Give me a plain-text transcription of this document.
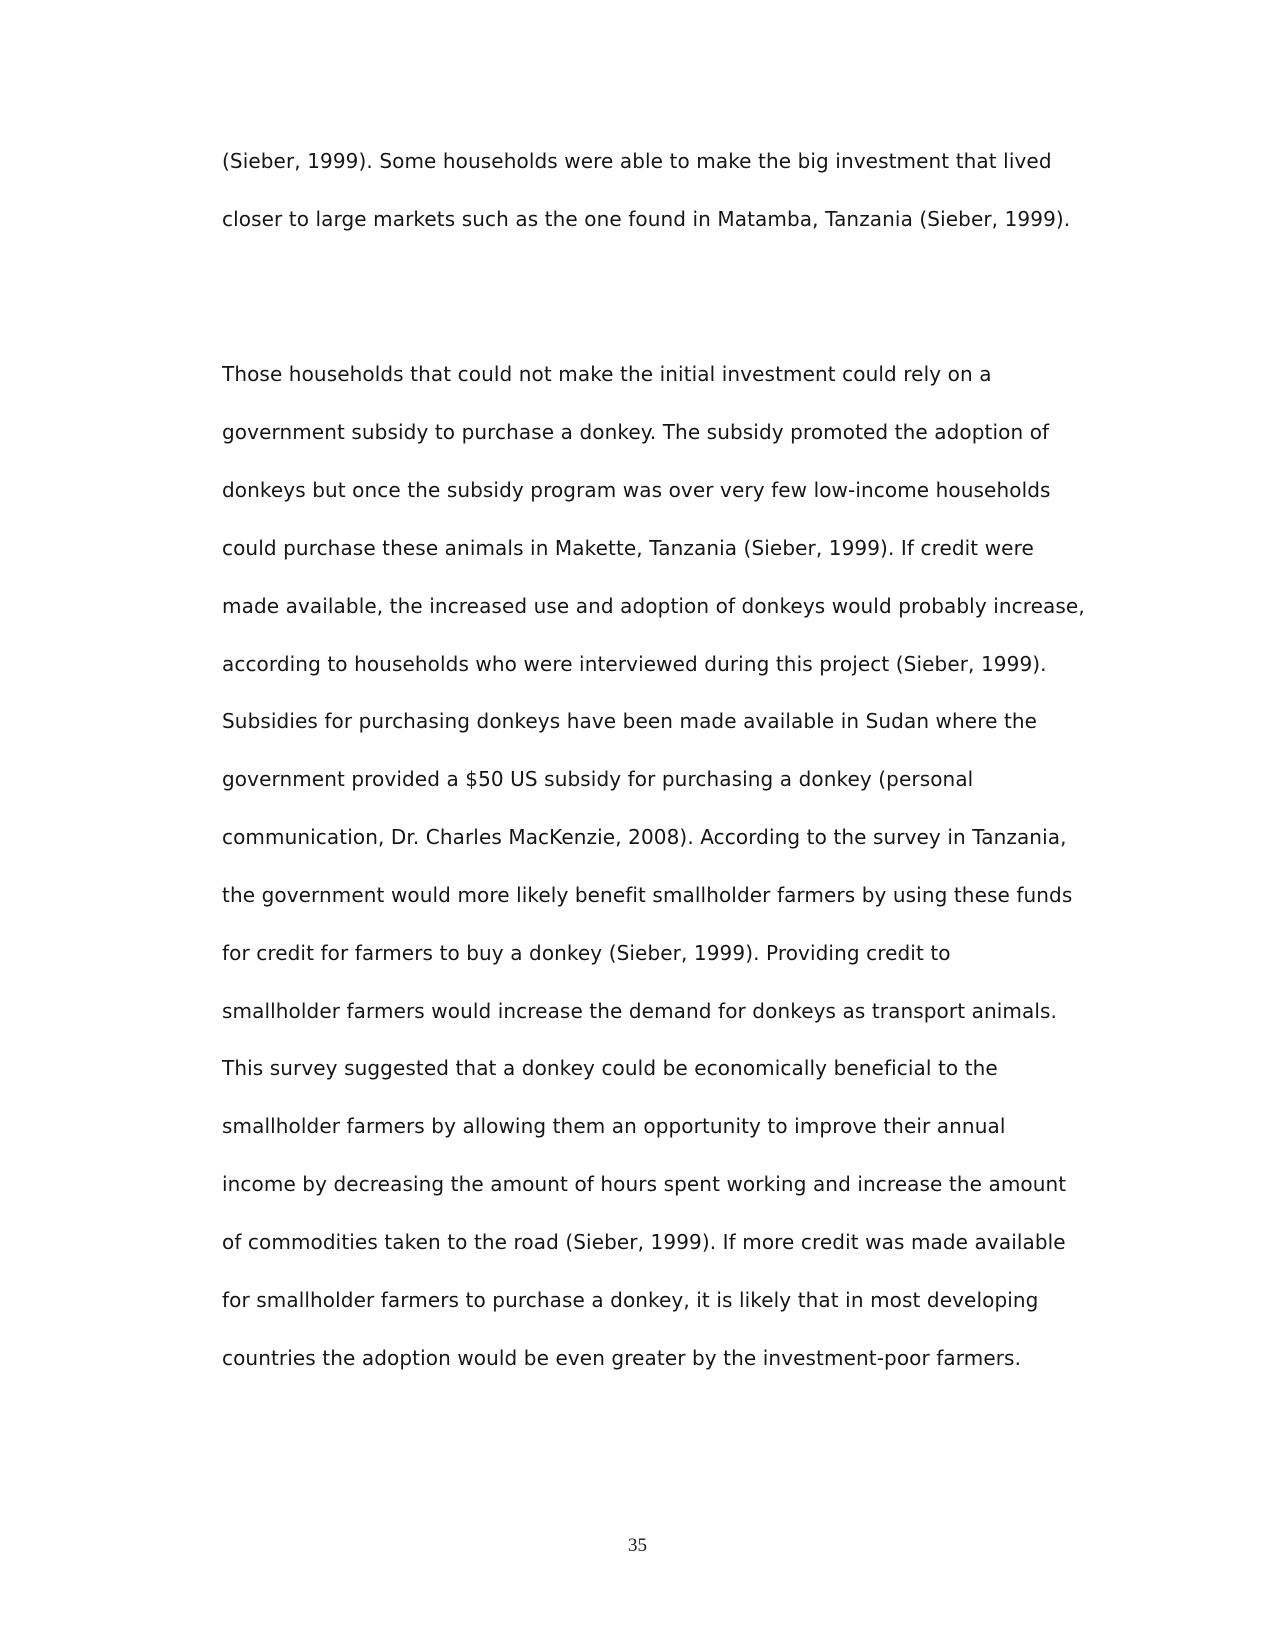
(Sieber, 1999). Some households were able to make the big investment that lived

closer to large markets such as the one found in Matamba, Tanzania (Sieber, 1999).

Those households that could not make the initial investment could rely on a

government subsidy to purchase a donkey. The subsidy promoted the adoption of

donkeys but once the subsidy program was over very few low-income households

could purchase these animals in Makette, Tanzania (Sieber, 1999). If credit were

made available, the increased use and adoption of donkeys would probably increase,

according to households who were interviewed during this project (Sieber, 1999).

Subsidies for purchasing donkeys have been made available in Sudan where the

government provided a $50 US subsidy for purchasing a donkey (personal

communication, Dr. Charles MacKenzie, 2008). According to the survey in Tanzania,

the government would more likely benefit smallholder farmers by using these funds

for credit for farmers to buy a donkey (Sieber, 1999). Providing credit to

smallholder farmers would increase the demand for donkeys as transport animals.

This survey suggested that a donkey could be economically beneficial to the

smallholder farmers by allowing them an opportunity to improve their annual

income by decreasing the amount of hours spent working and increase the amount

of commodities taken to the road (Sieber, 1999). If more credit was made available

for smallholder farmers to purchase a donkey, it is likely that in most developing

countries the adoption would be even greater by the investment-poor farmers.

35
